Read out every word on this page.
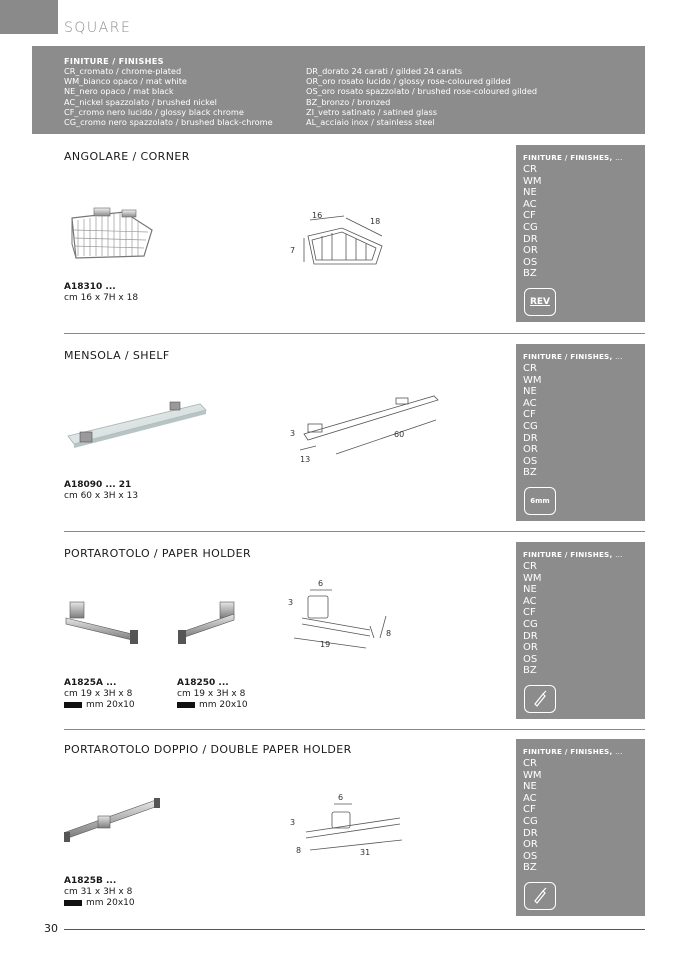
SQUARE
FINITURE / FINISHES
CR_cromato / chrome-plated
WM_bianco opaco / mat white
NE_nero opaco / mat black
AC_nickel spazzolato / brushed nickel
CF_cromo nero lucido / glossy black chrome
CG_cromo nero spazzolato / brushed black-chrome
DR_dorato 24 carati / gilded 24 carats
OR_oro rosato lucido / glossy rose-coloured gilded
OS_oro rosato spazzolato / brushed rose-coloured gilded
BZ_bronzo / bronzed
ZI_vetro satinato / satined glass
AL_acciaio inox / stainless steel
ANGOLARE / CORNER
16
18
7
A18310 ...
cm 16 x 7H x 18
FINITURE / FINISHES, ...
CR
WM
NE
AC
CF
CG
DR
OR
OS
BZ
REV
MENSOLA / SHELF
3	60
13
A18090 ... 21
cm 60 x 3H x 13
FINITURE / FINISHES, ...
CR
WM
NE
AC
CF
CG
DR
OR
OS
BZ
6mm
PORTAROTOLO / PAPER HOLDER
6
3
8
19
A1825A ...
cm 19 x 3H x 8
mm 20x10
A18250 ...
cm 19 x 3H x 8
mm 20x10
FINITURE / FINISHES, ...
CR
WM
NE
AC
CF
CG
DR
OR
OS
BZ
PORTAROTOLO DOPPIO / DOUBLE PAPER HOLDER
6
3
8	31
A1825B ...
cm 31 x 3H x 8
mm 20x10
FINITURE / FINISHES, ...
CR
WM
NE
AC
CF
CG
DR
OR
OS
BZ
30
